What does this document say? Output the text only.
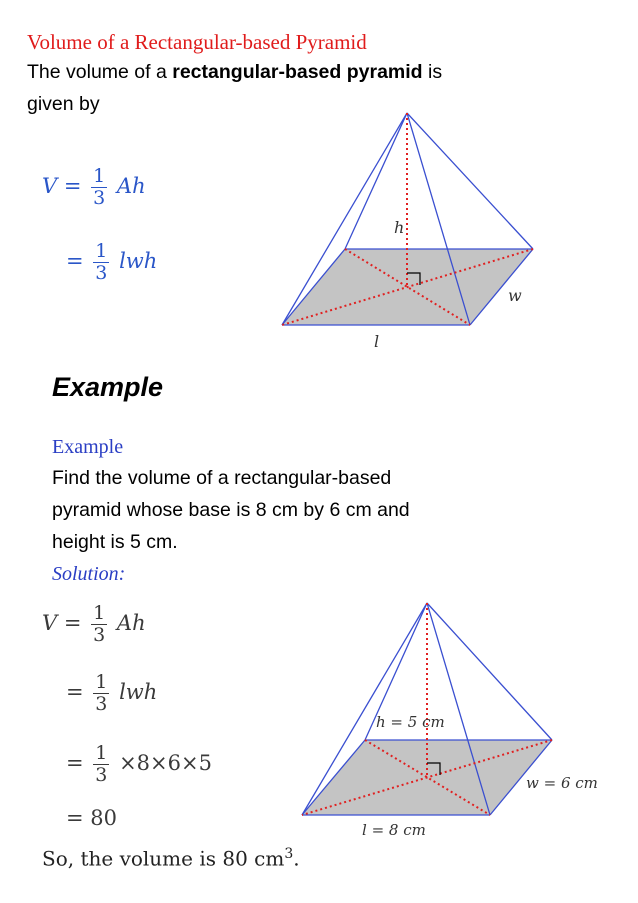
Volume of a Rectangular-based Pyramid
The volume of a rectangular-based pyramid is
given by
$V = \frac{1}{3}$ Ah
= $\frac{1}{3}$ lwh
h
w
l
Example
Example
Find the volume of a rectangular-based
pyramid whose base is 8 cm by 6 cm and
height is 5 cm.
Solution:
$V = \frac{1}{3}$ Ah
= $\frac{1}{3}$ lwh
= $\frac{1}{3} \times 8\times 6\times 5$
= 80
So, the volume is 80 $cm^3$.
h = 5 cm
w = 6 cm
l = 8 cm
